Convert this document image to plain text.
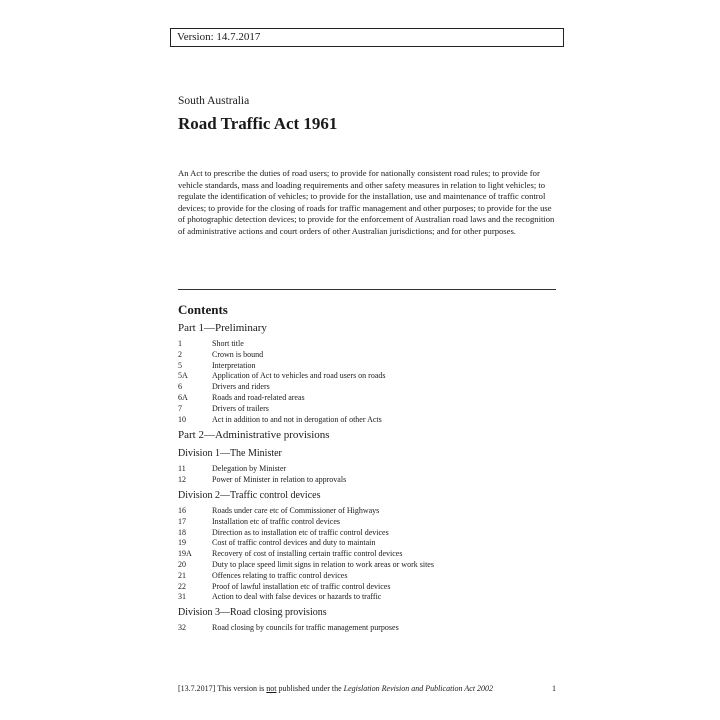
Version: 14.7.2017
South Australia
Road Traffic Act 1961

An Act to prescribe the duties of road users; to provide for nationally consistent road rules; to provide for vehicle standards, mass and loading requirements and other safety measures in relation to light vehicles; to regulate the identification of vehicles; to provide for the installation, use and maintenance of traffic control devices; to provide for the closing of roads for traffic management and other purposes; to provide for the use of photographic detection devices; to provide for the enforcement of Australian road laws and the recognition of administrative actions and court orders of other Australian jurisdictions; and for other purposes.

Contents
Part 1—Preliminary
1	Short title
2	Crown is bound
5	Interpretation
5A	Application of Act to vehicles and road users on roads
6	Drivers and riders
6A	Roads and road-related areas
7	Drivers of trailers
10	Act in addition to and not in derogation of other Acts
Part 2—Administrative provisions
Division 1—The Minister
11	Delegation by Minister
12	Power of Minister in relation to approvals
Division 2—Traffic control devices
16	Roads under care etc of Commissioner of Highways
17	Installation etc of traffic control devices
18	Direction as to installation etc of traffic control devices
19	Cost of traffic control devices and duty to maintain
19A	Recovery of cost of installing certain traffic control devices
20	Duty to place speed limit signs in relation to work areas or work sites
21	Offences relating to traffic control devices
22	Proof of lawful installation etc of traffic control devices
31	Action to deal with false devices or hazards to traffic
Division 3—Road closing provisions
32	Road closing by councils for traffic management purposes
[13.7.2017] This version is not published under the Legislation Revision and Publication Act 2002	1
